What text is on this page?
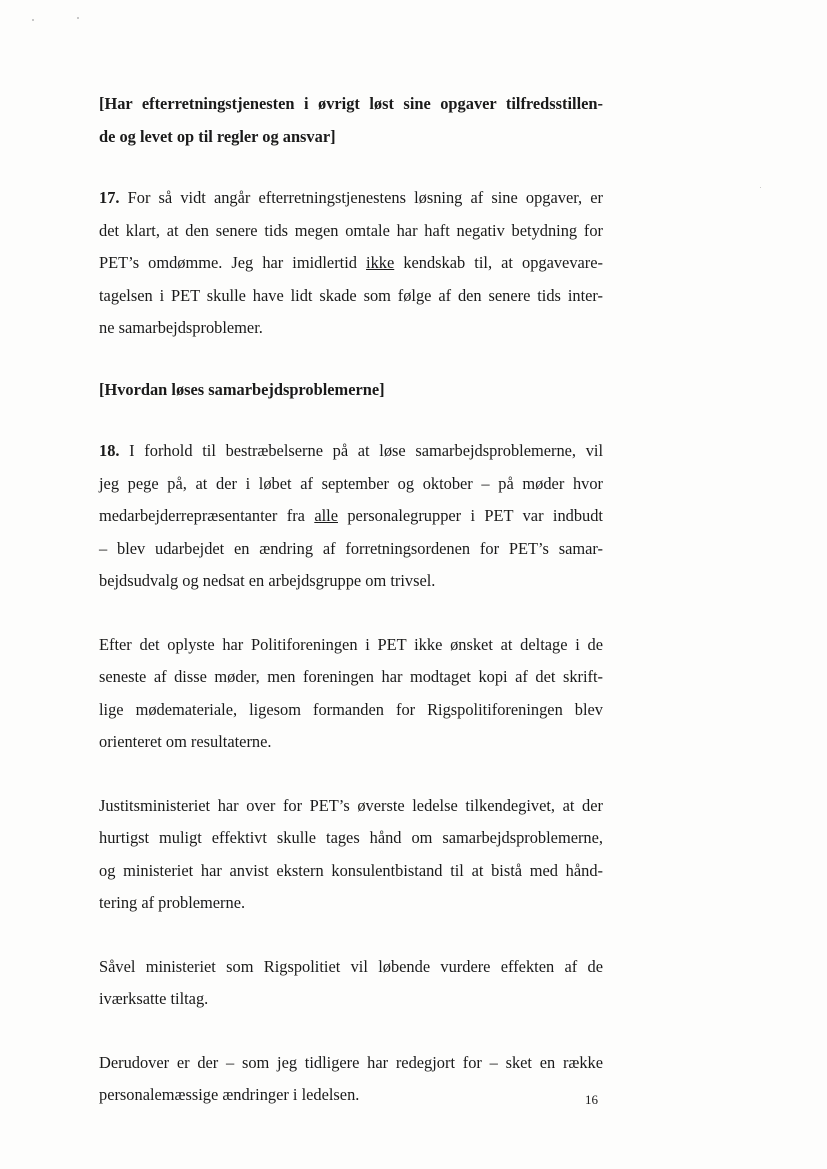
[Har efterretningstjenesten i øvrigt løst sine opgaver tilfredsstillen-
de og levet op til regler og ansvar]
17. For så vidt angår efterretningstjenestens løsning af sine opgaver, er
det klart, at den senere tids megen omtale har haft negativ betydning for
PET’s omdømme. Jeg har imidlertid ikke kendskab til, at opgavevare-
tagelsen i PET skulle have lidt skade som følge af den senere tids inter-
ne samarbejdsproblemer.
[Hvordan løses samarbejdsproblemerne]
18. I forhold til bestræbelserne på at løse samarbejdsproblemerne, vil
jeg pege på, at der i løbet af september og oktober – på møder hvor
medarbejderrepræsentanter fra alle personalegrupper i PET var indbudt
– blev udarbejdet en ændring af forretningsordenen for PET’s samar-
bejdsudvalg og nedsat en arbejdsgruppe om trivsel.
Efter det oplyste har Politiforeningen i PET ikke ønsket at deltage i de
seneste af disse møder, men foreningen har modtaget kopi af det skrift-
lige mødemateriale, ligesom formanden for Rigspolitiforeningen blev
orienteret om resultaterne.
Justitsministeriet har over for PET’s øverste ledelse tilkendegivet, at der
hurtigst muligt effektivt skulle tages hånd om samarbejdsproblemerne,
og ministeriet har anvist ekstern konsulentbistand til at bistå med hånd-
tering af problemerne.
Såvel ministeriet som Rigspolitiet vil løbende vurdere effekten af de
iværksatte tiltag.
Derudover er der – som jeg tidligere har redegjort for – sket en række
personalemæssige ændringer i ledelsen.	16
